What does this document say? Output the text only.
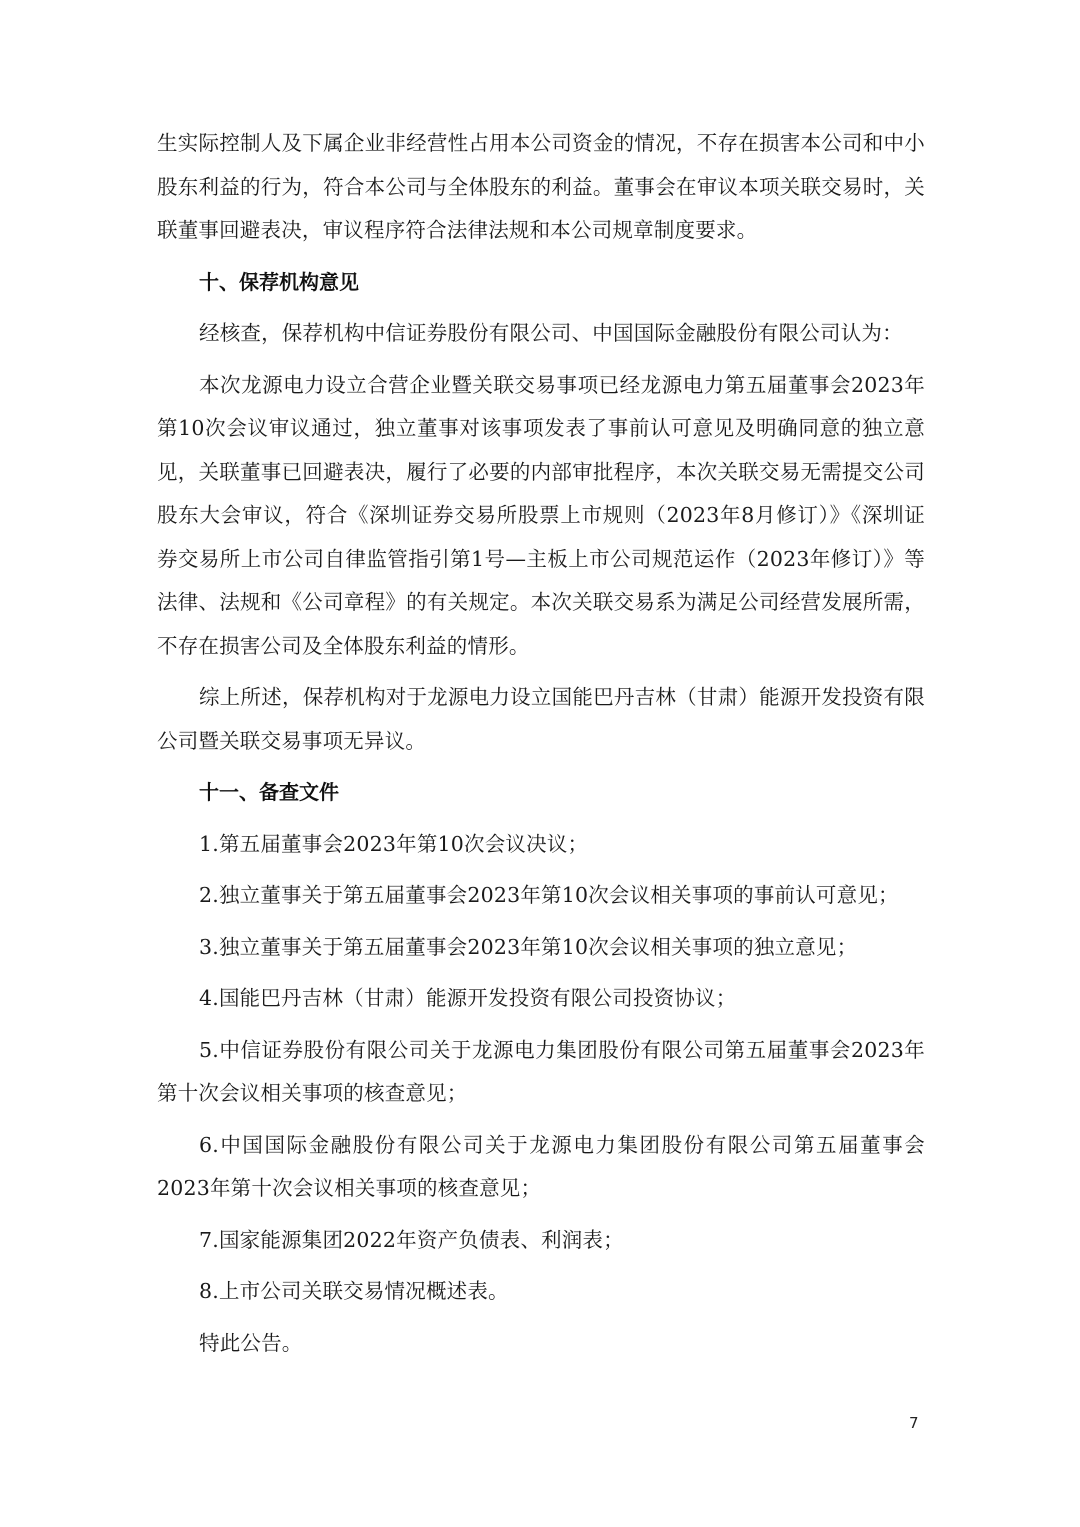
生实际控制人及下属企业非经营性占用本公司资金的情况，不存在损害本公司和中小股东利益的行为，符合本公司与全体股东的利益。董事会在审议本项关联交易时，关联董事回避表决，审议程序符合法律法规和本公司规章制度要求。

十、保荐机构意见

经核查，保荐机构中信证券股份有限公司、中国国际金融股份有限公司认为：

本次龙源电力设立合营企业暨关联交易事项已经龙源电力第五届董事会2023年第10次会议审议通过，独立董事对该事项发表了事前认可意见及明确同意的独立意见，关联董事已回避表决，履行了必要的内部审批程序，本次关联交易无需提交公司股东大会审议，符合《深圳证券交易所股票上市规则（2023年8月修订）》《深圳证券交易所上市公司自律监管指引第1号—主板上市公司规范运作（2023年修订）》等法律、法规和《公司章程》的有关规定。本次关联交易系为满足公司经营发展所需，不存在损害公司及全体股东利益的情形。

综上所述，保荐机构对于龙源电力设立国能巴丹吉林（甘肃）能源开发投资有限公司暨关联交易事项无异议。

十一、备查文件

1.第五届董事会2023年第10次会议决议；

2.独立董事关于第五届董事会2023年第10次会议相关事项的事前认可意见；

3.独立董事关于第五届董事会2023年第10次会议相关事项的独立意见；

4.国能巴丹吉林（甘肃）能源开发投资有限公司投资协议；

5.中信证券股份有限公司关于龙源电力集团股份有限公司第五届董事会2023年第十次会议相关事项的核查意见；

6.中国国际金融股份有限公司关于龙源电力集团股份有限公司第五届董事会2023年第十次会议相关事项的核查意见；

7.国家能源集团2022年资产负债表、利润表；

8.上市公司关联交易情况概述表。

特此公告。

7
